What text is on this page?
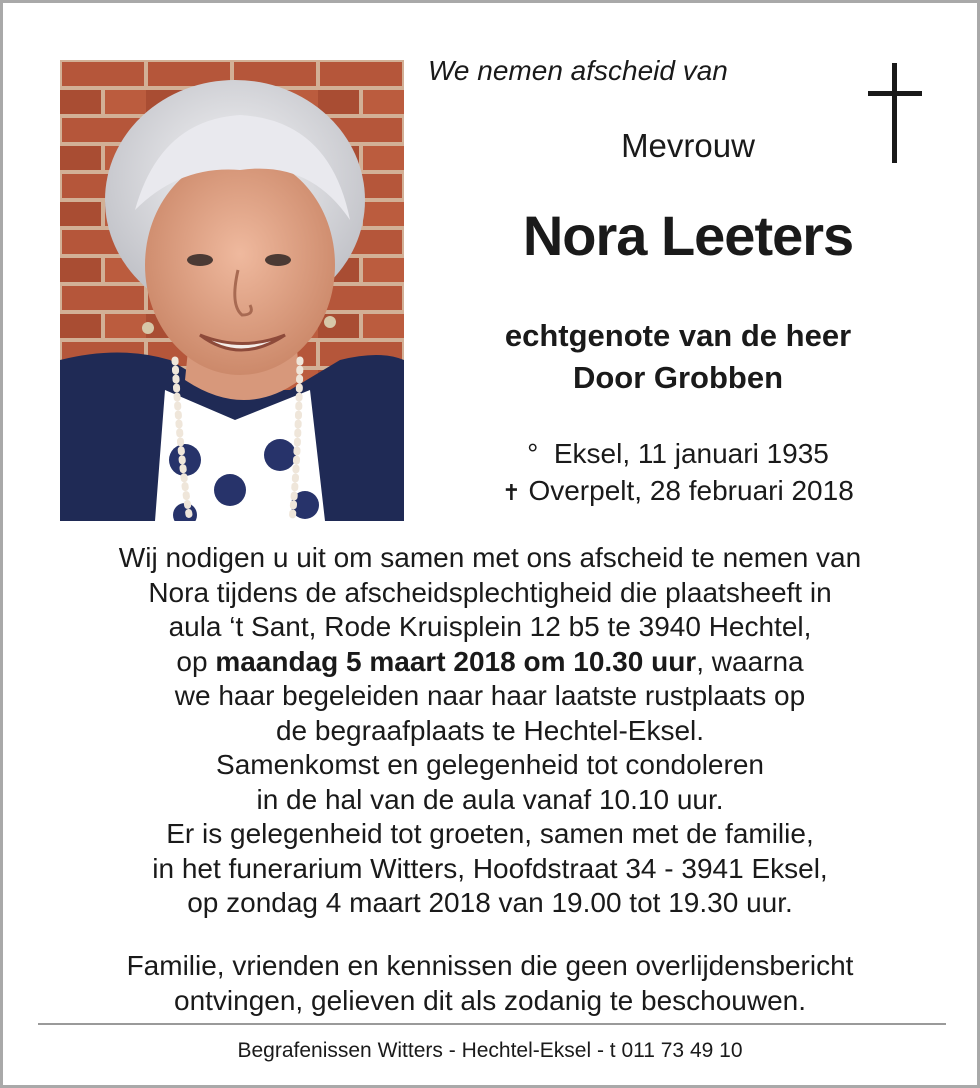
We nemen afscheid van
Mevrouw
Nora Leeters
echtgenote van de heer
Door Grobben
° Eksel, 11 januari 1935
✝ Overpelt, 28 februari 2018
Wij nodigen u uit om samen met ons afscheid te nemen van
Nora tijdens de afscheidsplechtigheid die plaatsheeft in
aula ‘t Sant, Rode Kruisplein 12 b5 te 3940 Hechtel,
op maandag 5 maart 2018 om 10.30 uur, waarna
we haar begeleiden naar haar laatste rustplaats op
de begraafplaats te Hechtel-Eksel.
Samenkomst en gelegenheid tot condoleren
in de hal van de aula vanaf 10.10 uur.
Er is gelegenheid tot groeten, samen met de familie,
in het funerarium Witters, Hoofdstraat 34 - 3941 Eksel,
op zondag 4 maart 2018 van 19.00 tot 19.30 uur.
Familie, vrienden en kennissen die geen overlijdensbericht
ontvingen, gelieven dit als zodanig te beschouwen.
Begrafenissen Witters - Hechtel-Eksel - t 011 73 49 10
